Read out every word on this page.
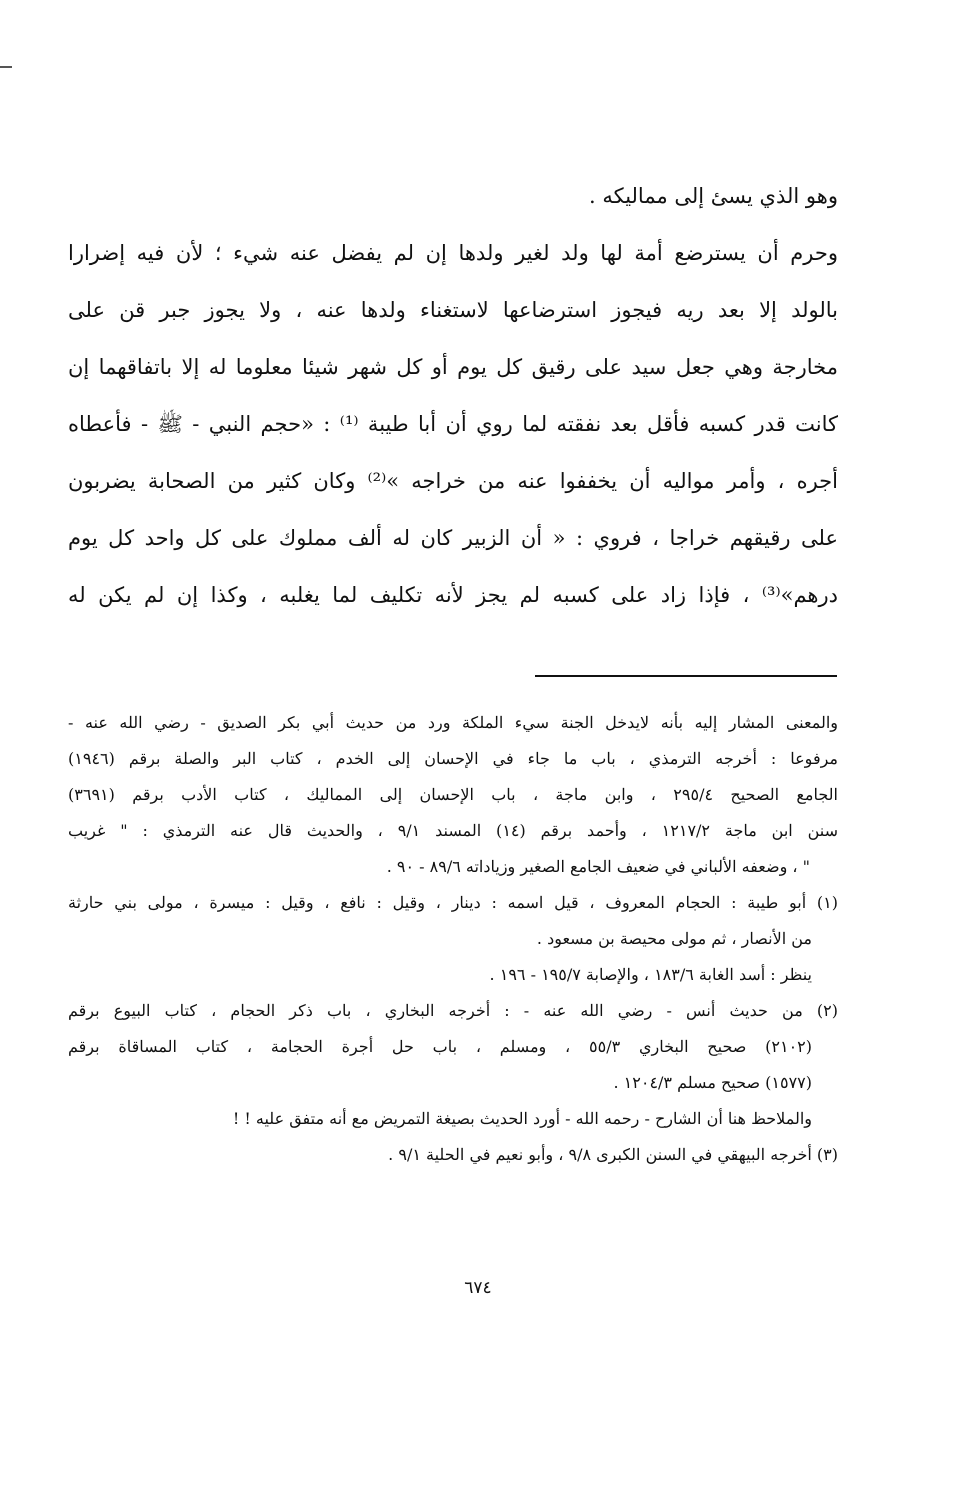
وهو الذي يسئ إلى مماليكه .
وحرم أن يسترضع أمة لها ولد لغير ولدها إن لم يفضل عنه شيء ؛ لأن فيه إضرارا
بالولد إلا بعد ريه فيجوز استرضاعها لاستغناء ولدها عنه ، ولا يجوز جبر قن على
مخارجة وهي جعل سيد على رقيق كل يوم أو كل شهر شيئا معلوما له إلا باتفاقهما إن
كانت قدر كسبه فأقل بعد نفقته لما روي أن أبا طيبة ⁽¹⁾ : «حجم النبي - ﷺ - فأعطاه
أجره ، وأمر مواليه أن يخففوا عنه من خراجه »⁽²⁾ وكان كثير من الصحابة يضربون
على رقيقهم خراجا ، فروي : « أن الزبير كان له ألف مملوك على كل واحد كل يوم
درهم»⁽³⁾ ، فإذا زاد على كسبه لم يجز لأنه تكليف لما يغلبه ، وكذا إن لم يكن له
والمعنى المشار إليه بأنه لايدخل الجنة سيء الملكة ورد من حديث أبي بكر الصديق - رضي الله عنه -
مرفوعا : أخرجه الترمذي ، باب ما جاء في الإحسان إلى الخدم ، كتاب البر والصلة برقم (١٩٤٦)
الجامع الصحيح ٢٩٥/٤ ، وابن ماجة ، باب الإحسان إلى المماليك ، كتاب الأدب برقم (٣٦٩١)
سنن ابن ماجة ١٢١٧/٢ ، وأحمد برقم (١٤) المسند ٩/١ ، والحديث قال عنه الترمذي : " غريب
" ، وضعفه الألباني في ضعيف الجامع الصغير وزياداته ٨٩/٦ - ٩٠ .
(١) أبو طيبة : الحجام المعروف ، قيل اسمه : دينار ، وقيل : نافع ، وقيل : ميسرة ، مولى بني حارثة
من الأنصار ، ثم مولى محيصة بن مسعود .
ينظر : أسد الغابة ١٨٣/٦ ، والإصابة ١٩٥/٧ - ١٩٦ .
(٢) من حديث أنس - رضي الله عنه - : أخرجه البخاري ، باب ذكر الحجام ، كتاب البيوع برقم
(٢١٠٢) صحيح البخاري ٥٥/٣ ، ومسلم ، باب حل أجرة الحجامة ، كتاب المساقاة برقم
(١٥٧٧) صحيح مسلم ١٢٠٤/٣ .
والملاحظ هنا أن الشارح - رحمه الله - أورد الحديث بصيغة التمريض مع أنه متفق عليه ! !
(٣) أخرجه البيهقي في السنن الكبرى ٩/٨ ، وأبو نعيم في الحلية ٩/١ .
٦٧٤
